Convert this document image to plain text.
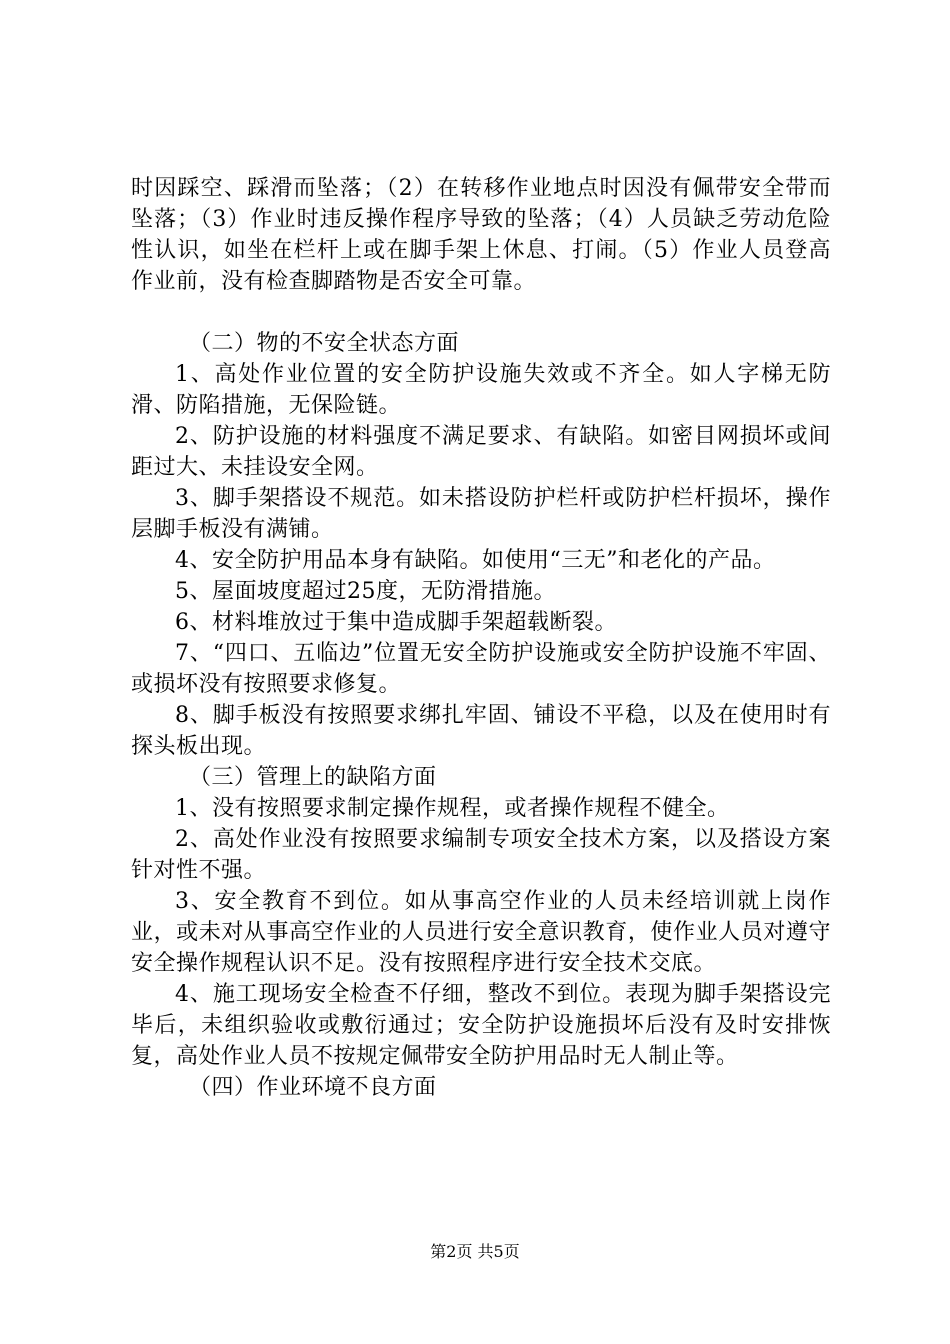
时因踩空、踩滑而坠落；（2）在转移作业地点时因没有佩带安全带而坠落；（3）作业时违反操作程序导致的坠落；（4）人员缺乏劳动危险性认识，如坐在栏杆上或在脚手架上休息、打闹。（5）作业人员登高作业前，没有检查脚踏物是否安全可靠。

（二）物的不安全状态方面

1、高处作业位置的安全防护设施失效或不齐全。如人字梯无防滑、防陷措施，无保险链。

2、防护设施的材料强度不满足要求、有缺陷。如密目网损坏或间距过大、未挂设安全网。

3、脚手架搭设不规范。如未搭设防护栏杆或防护栏杆损坏，操作层脚手板没有满铺。

4、安全防护用品本身有缺陷。如使用“三无”和老化的产品。

5、屋面坡度超过25度，无防滑措施。

6、材料堆放过于集中造成脚手架超载断裂。

7、“四口、五临边”位置无安全防护设施或安全防护设施不牢固、或损坏没有按照要求修复。

8、脚手板没有按照要求绑扎牢固、铺设不平稳，以及在使用时有探头板出现。

（三）管理上的缺陷方面

1、没有按照要求制定操作规程，或者操作规程不健全。

2、高处作业没有按照要求编制专项安全技术方案，以及搭设方案针对性不强。

3、安全教育不到位。如从事高空作业的人员未经培训就上岗作业，或未对从事高空作业的人员进行安全意识教育，使作业人员对遵守安全操作规程认识不足。没有按照程序进行安全技术交底。

4、施工现场安全检查不仔细，整改不到位。表现为脚手架搭设完毕后，未组织验收或敷衍通过；安全防护设施损坏后没有及时安排恢复，高处作业人员不按规定佩带安全防护用品时无人制止等。

（四）作业环境不良方面

第2页 共5页
